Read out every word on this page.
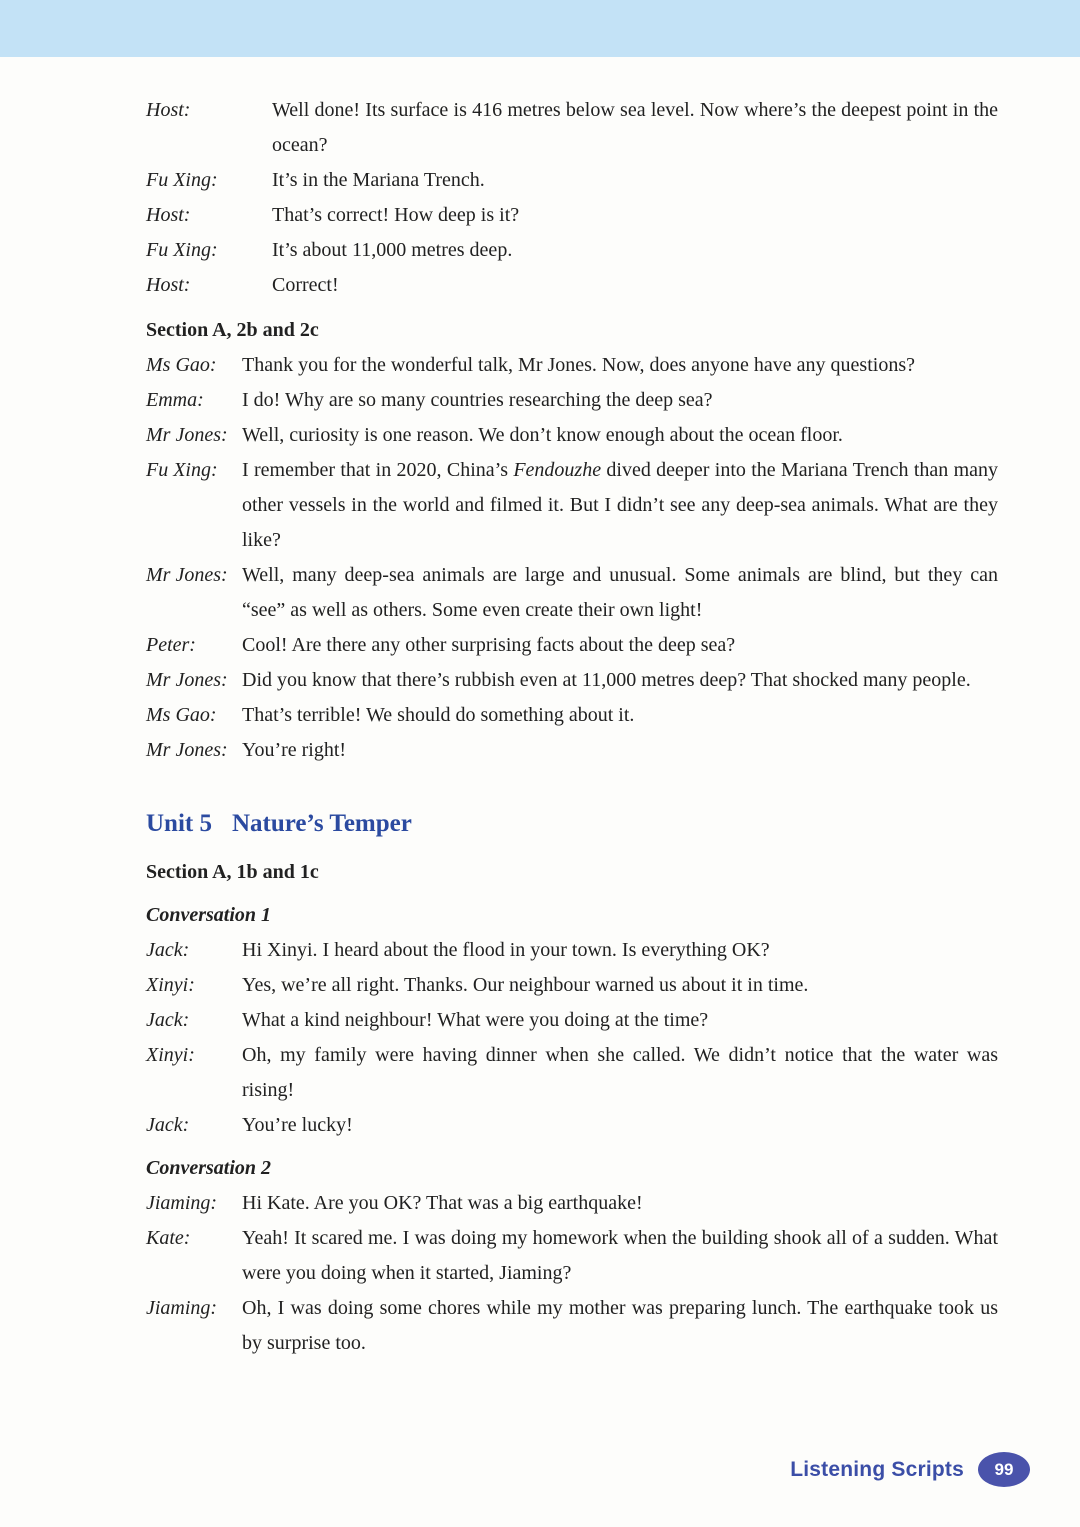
Host:	Well done! Its surface is 416 metres below sea level. Now where’s the deepest point in the ocean?
Fu Xing:	It’s in the Mariana Trench.
Host:	That’s correct! How deep is it?
Fu Xing:	It’s about 11,000 metres deep.
Host:	Correct!
Section A, 2b and 2c
Ms Gao: Thank you for the wonderful talk, Mr Jones. Now, does anyone have any questions?
Emma: I do! Why are so many countries researching the deep sea?
Mr Jones: Well, curiosity is one reason. We don’t know enough about the ocean floor.
Fu Xing: I remember that in 2020, China’s Fendouzhe dived deeper into the Mariana Trench than many other vessels in the world and filmed it. But I didn’t see any deep-sea animals. What are they like?
Mr Jones: Well, many deep-sea animals are large and unusual. Some animals are blind, but they can “see” as well as others. Some even create their own light!
Peter: Cool! Are there any other surprising facts about the deep sea?
Mr Jones: Did you know that there’s rubbish even at 11,000 metres deep? That shocked many people.
Ms Gao: That’s terrible! We should do something about it.
Mr Jones: You’re right!
Unit 5 Nature’s Temper
Section A, 1b and 1c
Conversation 1
Jack:	Hi Xinyi. I heard about the flood in your town. Is everything OK?
Xinyi: Yes, we’re all right. Thanks. Our neighbour warned us about it in time.
Jack:	What a kind neighbour! What were you doing at the time?
Xinyi: Oh, my family were having dinner when she called. We didn’t notice that the water was rising!
Jack:	You’re lucky!
Conversation 2
Jiaming: Hi Kate. Are you OK? That was a big earthquake!
Kate:	Yeah! It scared me. I was doing my homework when the building shook all of a sudden. What were you doing when it started, Jiaming?
Jiaming: Oh, I was doing some chores while my mother was preparing lunch. The earthquake took us by surprise too.
Listening Scripts	99
